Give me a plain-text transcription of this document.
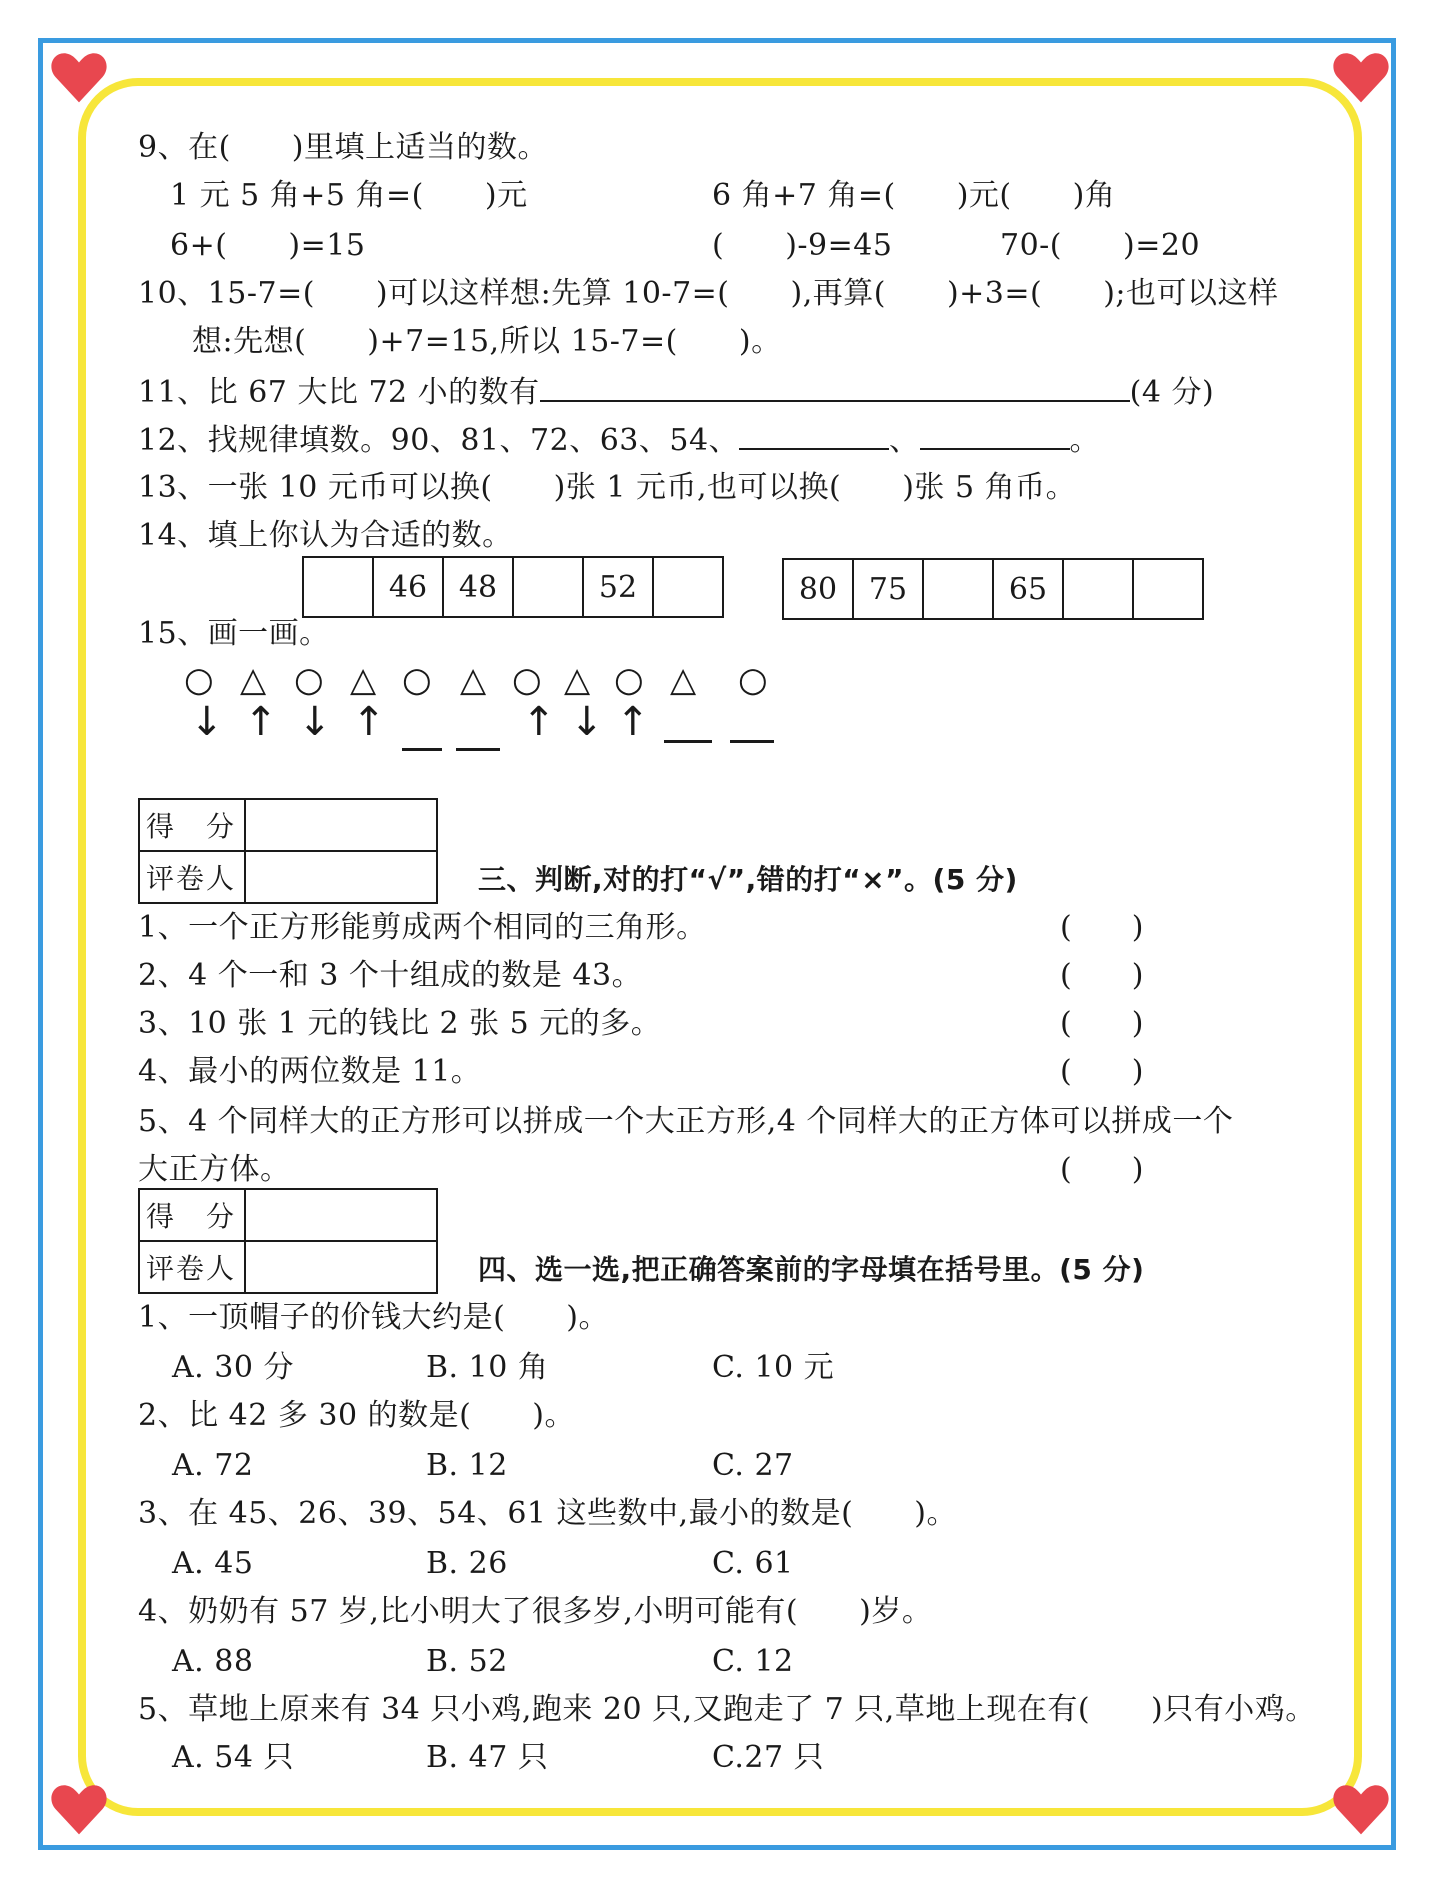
9、在(　　)里填上适当的数。
1 元 5 角+5 角=(　　)元	6 角+7 角=(　　)元(　　)角
6+(　　)=15	(　　)-9=45	70-(　　)=20
10、15-7=(　　)可以这样想:先算 10-7=(　　),再算(　　)+3=(　　);也可以这样
想:先想(　　)+7=15,所以 15-7=(　　)。
11、比 67 大比 72 小的数有	(4 分)
12、找规律填数。90、81、72、63、54、	、	。
13、一张 10 元币可以换(　　)张 1 元币,也可以换(　　)张 5 角币。
14、填上你认为合适的数。
	46	48		52		80	75		65		
15、画一画。
○ △ ○ △ ○ △ ○ △ ○ △ ○
↓ ↑ ↓ ↑	↑ ↓ ↑
得　分	
评卷人		三、判断,对的打“√”,错的打“×”。(5 分)
1、一个正方形能剪成两个相同的三角形。	(　　)
2、4 个一和 3 个十组成的数是 43。	(　　)
3、10 张 1 元的钱比 2 张 5 元的多。	(　　)
4、最小的两位数是 11。	(　　)
5、4 个同样大的正方形可以拼成一个大正方形,4 个同样大的正方体可以拼成一个
大正方体。	(　　)
得　分	
评卷人		四、选一选,把正确答案前的字母填在括号里。(5 分)
1、一顶帽子的价钱大约是(　　)。
A. 30 分	B. 10 角	C. 10 元
2、比 42 多 30 的数是(　　)。
A. 72	B. 12	C. 27
3、在 45、26、39、54、61 这些数中,最小的数是(　　)。
A. 45	B. 26	C. 61
4、奶奶有 57 岁,比小明大了很多岁,小明可能有(　　)岁。
A. 88	B. 52	C. 12
5、草地上原来有 34 只小鸡,跑来 20 只,又跑走了 7 只,草地上现在有(　　)只有小鸡。
A. 54 只	B. 47 只	C.27 只
